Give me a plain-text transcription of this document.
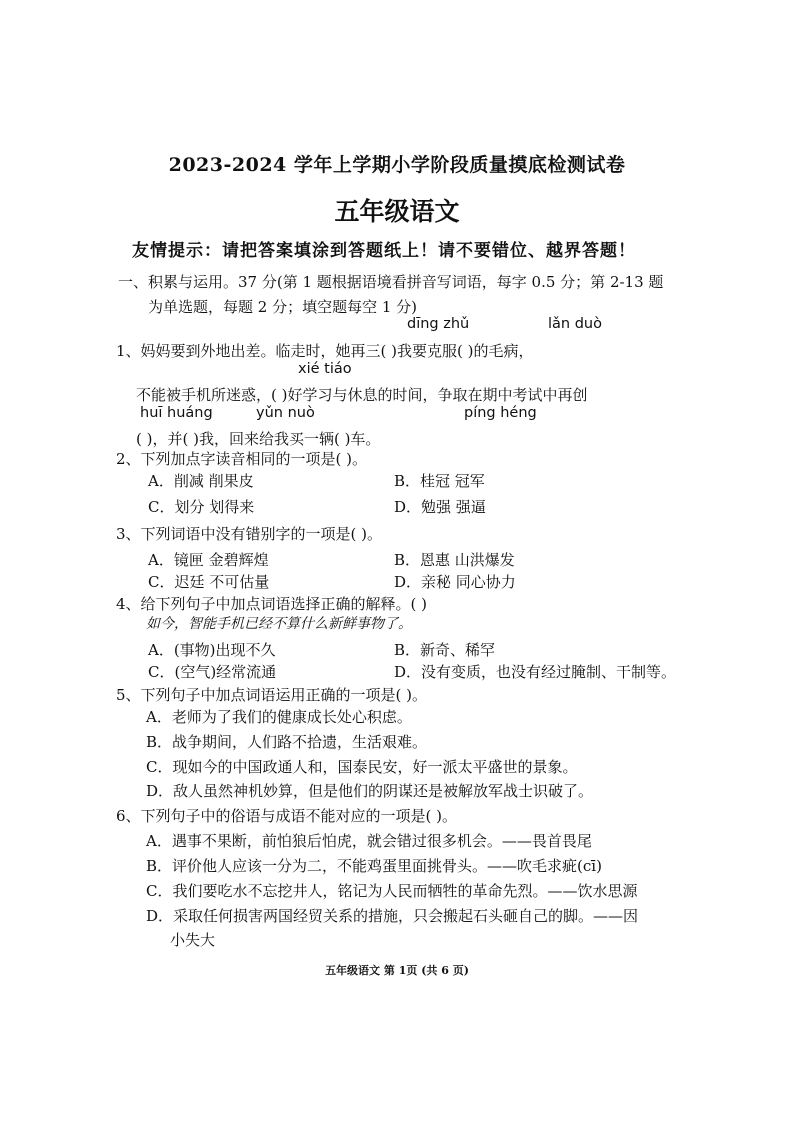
2023-2024 学年上学期小学阶段质量摸底检测试卷
五年级语文
友情提示：请把答案填涂到答题纸上！请不要错位、越界答题！
一、积累与运用。37 分(第 1 题根据语境看拼音写词语，每字 0.5 分；第 2-13 题
为单选题，每题 2 分；填空题每空 1 分)
dīng zhǔ	lǎn duò
1、妈妈要到外地出差。临走时，她再三( )我要克服( )的毛病，
xié tiáo
不能被手机所迷惑，( )好学习与休息的时间，争取在期中考试中再创
huī huáng	yǔn nuò	píng héng
( )，并( )我，回来给我买一辆( )车。
2、下列加点字读音相同的一项是( )。
A．削减 削果皮	B．桂冠 冠军
C．划分 划得来	D．勉强 强逼
3、下列词语中没有错别字的一项是( )。
A．镜匣 金碧辉煌	B．恩惠 山洪爆发
C．迟廷 不可估量	D．亲秘 同心协力
4、给下列句子中加点词语选择正确的解释。( )
如今，智能手机已经不算什么新鲜事物了。
A．(事物)出现不久	B．新奇、稀罕
C．(空气)经常流通	D．没有变质，也没有经过腌制、干制等。
5、下列句子中加点词语运用正确的一项是( )。
A．老师为了我们的健康成长处心积虑。
B．战争期间，人们路不拾遗，生活艰难。
C．现如今的中国政通人和，国泰民安，好一派太平盛世的景象。
D．敌人虽然神机妙算，但是他们的阴谋还是被解放军战士识破了。
6、下列句子中的俗语与成语不能对应的一项是( )。
A．遇事不果断，前怕狼后怕虎，就会错过很多机会。——畏首畏尾
B．评价他人应该一分为二，不能鸡蛋里面挑骨头。——吹毛求疵(cī)
C．我们要吃水不忘挖井人，铭记为人民而牺牲的革命先烈。——饮水思源
D．采取任何损害两国经贸关系的措施，只会搬起石头砸自己的脚。——因
小失大
五年级语文 第 1页 (共 6 页)
